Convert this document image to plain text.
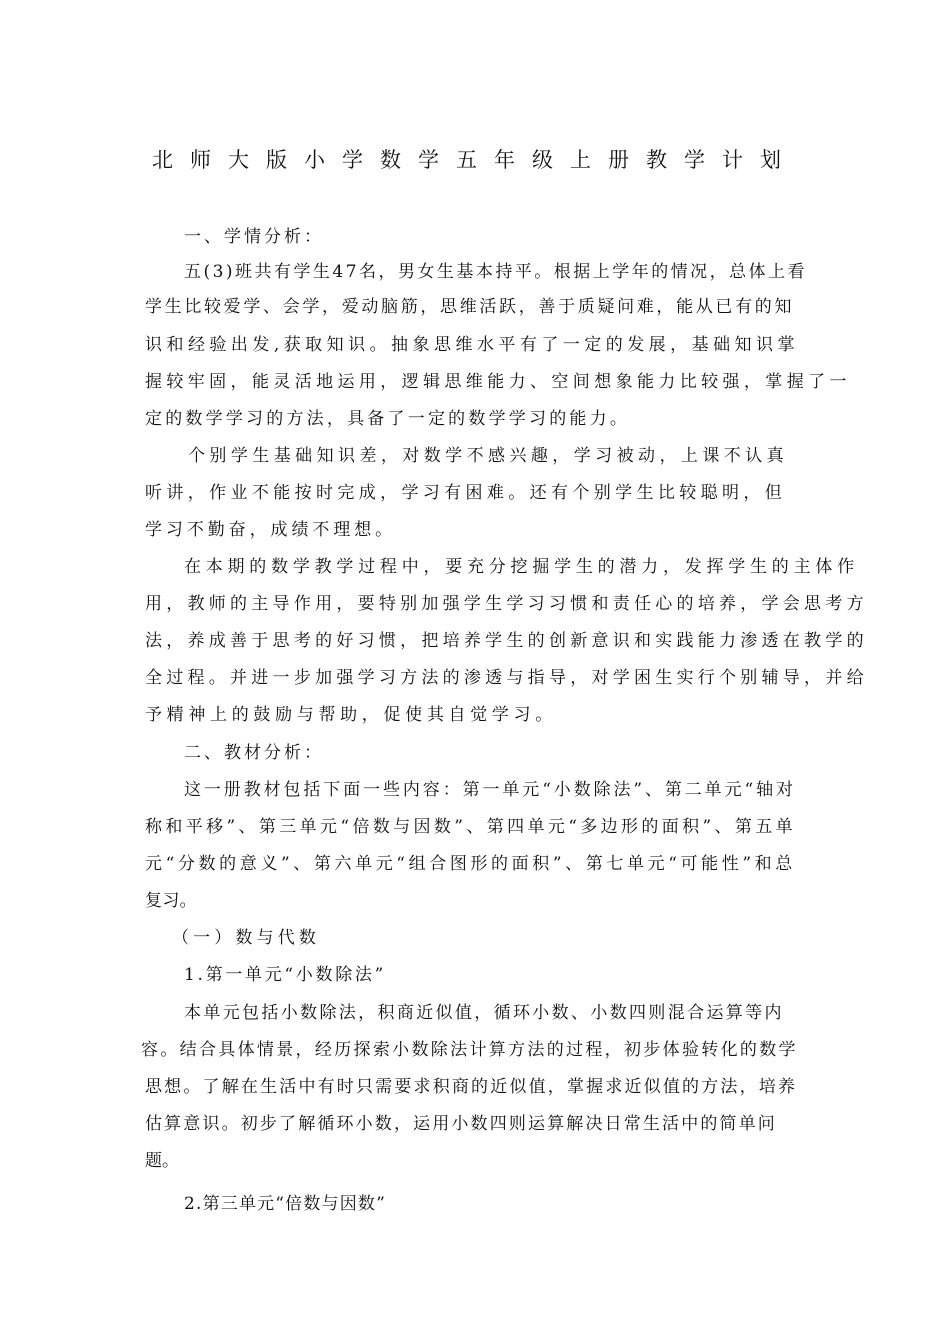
北师大版小学数学五年级上册教学计划
一、学情分析：
五(3)班共有学生47名，男女生基本持平。根据上学年的情况，总体上看
学生比较爱学、会学，爱动脑筋，思维活跃，善于质疑问难，能从已有的知
识和经验出发,获取知识。抽象思维水平有了一定的发展，基础知识掌
握较牢固，能灵活地运用，逻辑思维能力、空间想象能力比较强，掌握了一
定的数学学习的方法，具备了一定的数学学习的能力。
个别学生基础知识差，对数学不感兴趣，学习被动，上课不认真
听讲，作业不能按时完成，学习有困难。还有个别学生比较聪明，但
学习不勤奋，成绩不理想。
在本期的数学教学过程中，要充分挖掘学生的潜力，发挥学生的主体作
用，教师的主导作用，要特别加强学生学习习惯和责任心的培养，学会思考方
法，养成善于思考的好习惯，把培养学生的创新意识和实践能力渗透在教学的
全过程。并进一步加强学习方法的渗透与指导，对学困生实行个别辅导，并给
予精神上的鼓励与帮助，促使其自觉学习。
二、教材分析：
这一册教材包括下面一些内容：第一单元“小数除法”、第二单元“轴对
称和平移”、第三单元“倍数与因数”、第四单元“多边形的面积”、第五单
元“分数的意义”、第六单元“组合图形的面积”、第七单元“可能性”和总
复习。
（一）数与代数
1.第一单元“小数除法”
本单元包括小数除法，积商近似值，循环小数、小数四则混合运算等内
容。结合具体情景，经历探索小数除法计算方法的过程，初步体验转化的数学
思想。了解在生活中有时只需要求积商的近似值，掌握求近似值的方法，培养
估算意识。初步了解循环小数，运用小数四则运算解决日常生活中的简单问
题。
2.第三单元“倍数与因数”
